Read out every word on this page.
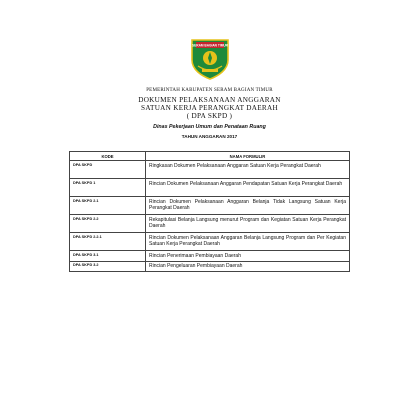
SERAM BAGIAN TIMUR
PEMERINTAH KABUPATEN SERAM BAGIAN TIMUR
DOKUMEN PELAKSANAAN ANGGARAN
SATUAN KERJA PERANGKAT DAERAH
( DPA SKPD )
Dinas Pekerjaan Umum dan Penataan Ruang
TAHUN ANGGARAN 2017
KODE	NAMA FORMULIR
DPA SKPD	Ringkasan Dokumen Pelaksanaan Anggaran Satuan Kerja Perangkat Daerah
DPA SKPD 1	Rincian Dokumen Pelaksanaan Anggaran Pendapatan Satuan Kerja Perangkat Daerah
DPA SKPD 2.1	Rincian Dokumen Pelaksanaan Anggaran Belanja Tidak Langsung Satuan Kerja Perangkat Daerah
DPA SKPD 2.2	Rekapitulasi Belanja Langsung menurut Program dan Kegiatan Satuan Kerja Perangkat Daerah
DPA SKPD 2.2.1	Rincian Dokumen Pelaksanaan Anggaran Belanja Langsung Program dan Per Kegiatan Satuan Kerja Perangkat Daerah
DPA SKPD 3.1	Rincian Penerimaan Pembiayaan Daerah
DPA SKPD 3.2	Rincian Pengeluaran Pembiayaan Daerah
